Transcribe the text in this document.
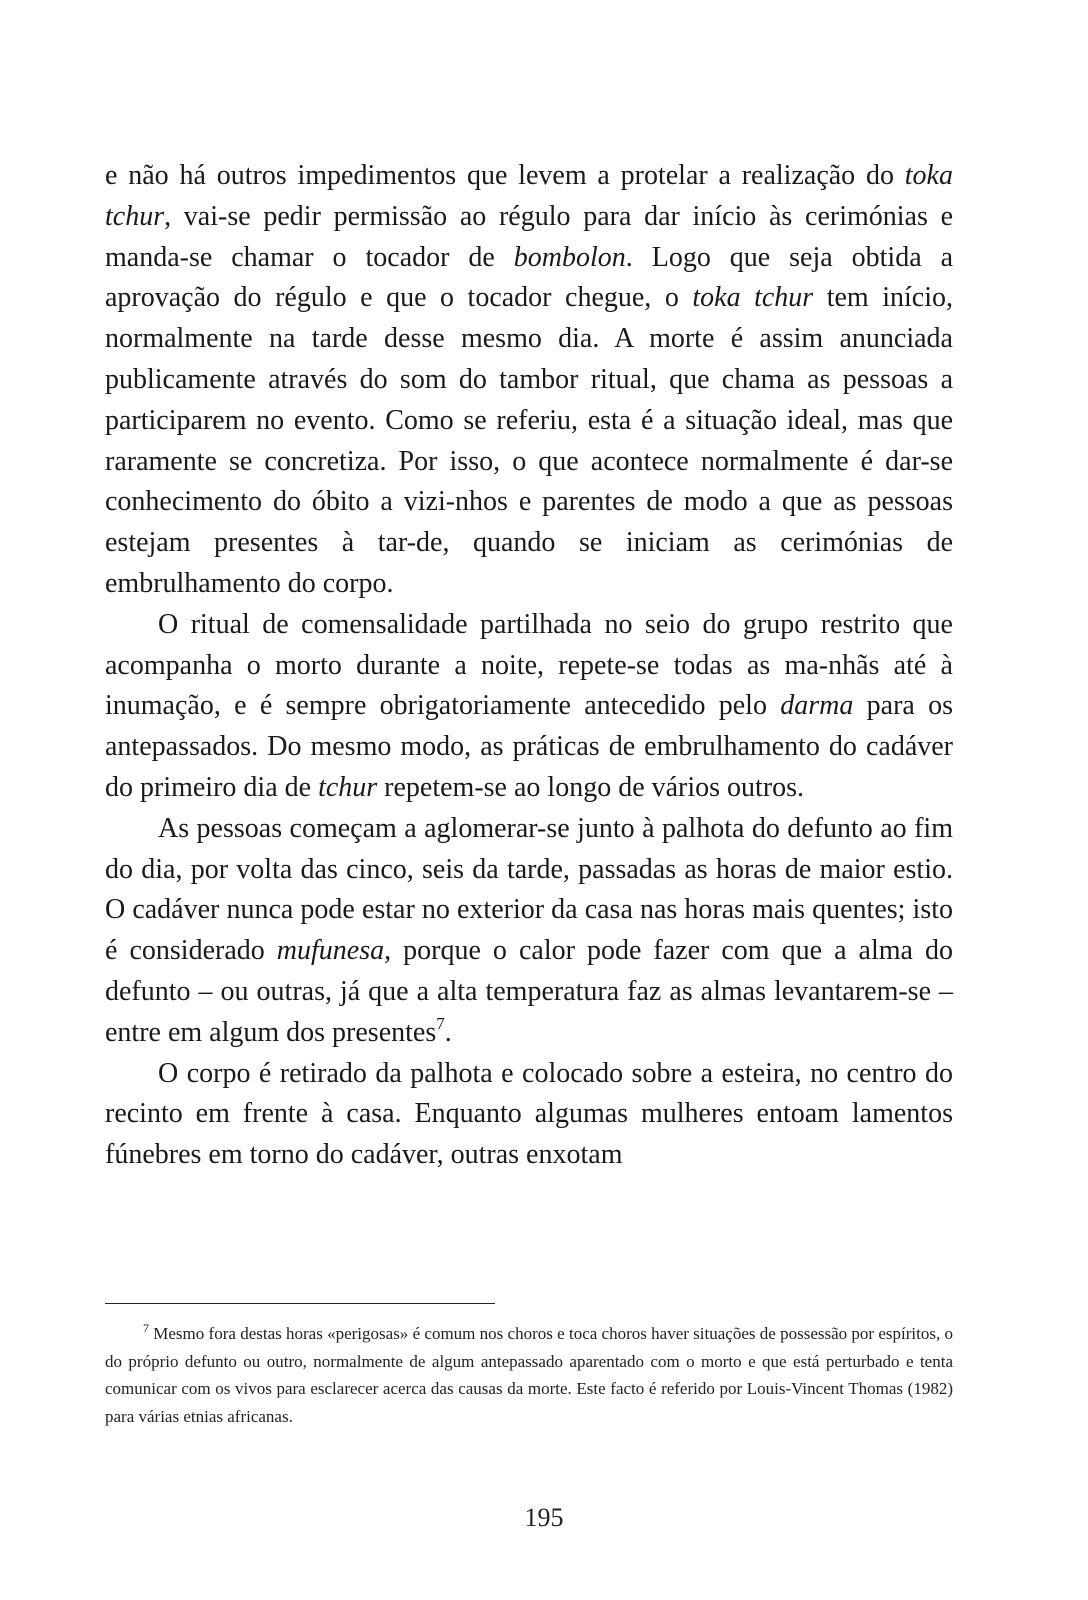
e não há outros impedimentos que levem a protelar a realização do toka tchur, vai-se pedir permissão ao régulo para dar início às cerimónias e manda-se chamar o tocador de bombolon. Logo que seja obtida a aprovação do régulo e que o tocador chegue, o toka tchur tem início, normalmente na tarde desse mesmo dia. A morte é assim anunciada publicamente através do som do tambor ritual, que chama as pessoas a participarem no evento. Como se referiu, esta é a situação ideal, mas que raramente se concretiza. Por isso, o que acontece normalmente é dar-se conhecimento do óbito a vizi-nhos e parentes de modo a que as pessoas estejam presentes à tar-de, quando se iniciam as cerimónias de embrulhamento do corpo.

O ritual de comensalidade partilhada no seio do grupo restrito que acompanha o morto durante a noite, repete-se todas as ma-nhãs até à inumação, e é sempre obrigatoriamente antecedido pelo darma para os antepassados. Do mesmo modo, as práticas de embrulhamento do cadáver do primeiro dia de tchur repetem-se ao longo de vários outros.

As pessoas começam a aglomerar-se junto à palhota do defunto ao fim do dia, por volta das cinco, seis da tarde, passadas as horas de maior estio. O cadáver nunca pode estar no exterior da casa nas horas mais quentes; isto é considerado mufunesa, porque o calor pode fazer com que a alma do defunto – ou outras, já que a alta temperatura faz as almas levantarem-se – entre em algum dos presentes$^7$.

O corpo é retirado da palhota e colocado sobre a esteira, no centro do recinto em frente à casa. Enquanto algumas mulheres entoam lamentos fúnebres em torno do cadáver, outras enxotam

$^7$ Mesmo fora destas horas «perigosas» é comum nos choros e toca choros haver situações de possessão por espíritos, o do próprio defunto ou outro, normalmente de algum antepassado aparentado com o morto e que está perturbado e tenta comunicar com os vivos para esclarecer acerca das causas da morte. Este facto é referido por Louis-Vincent Thomas (1982) para várias etnias africanas.

195
